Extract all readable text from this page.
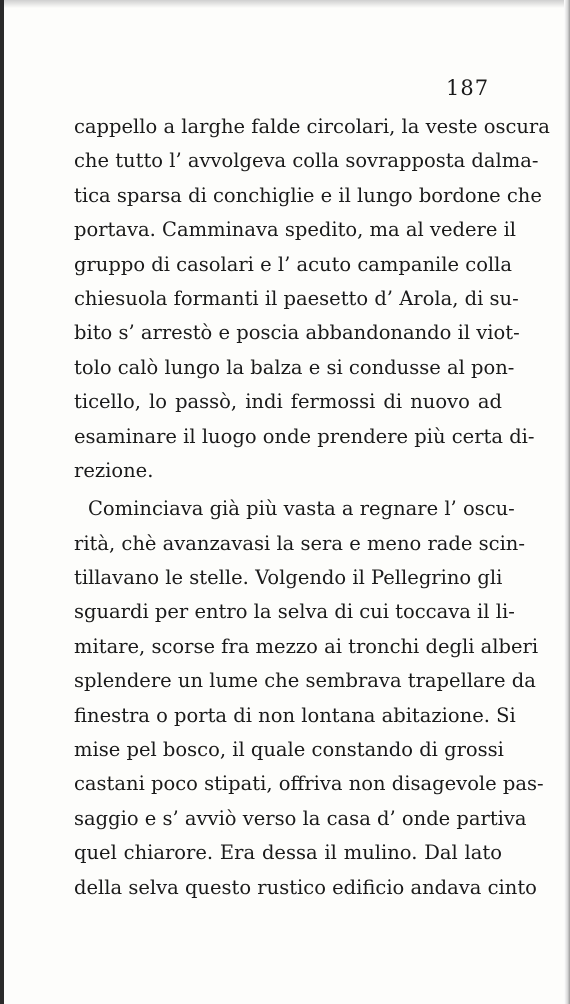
187
cappello a larghe falde circolari, la veste oscura
che tutto l’ avvolgeva colla sovrapposta dalma-
tica sparsa di conchiglie e il lungo bordone che
portava. Camminava spedito, ma al vedere il
gruppo di casolari e l’ acuto campanile colla
chiesuola formanti il paesetto d’ Arola, di su-
bito s’ arrestò e poscia abbandonando il viot-
tolo calò lungo la balza e si condusse al pon-
ticello, lo passò, indi fermossi di nuovo ad
esaminare il luogo onde prendere più certa di-
rezione.
Cominciava già più vasta a regnare l’ oscu-
rità, chè avanzavasi la sera e meno rade scin-
tillavano le stelle. Volgendo il Pellegrino gli
sguardi per entro la selva di cui toccava il li-
mitare, scorse fra mezzo ai tronchi degli alberi
splendere un lume che sembrava trapellare da
finestra o porta di non lontana abitazione. Si
mise pel bosco, il quale constando di grossi
castani poco stipati, offriva non disagevole pas-
saggio e s’ avviò verso la casa d’ onde partiva
quel chiarore. Era dessa il mulino. Dal lato
della selva questo rustico edificio andava cinto
